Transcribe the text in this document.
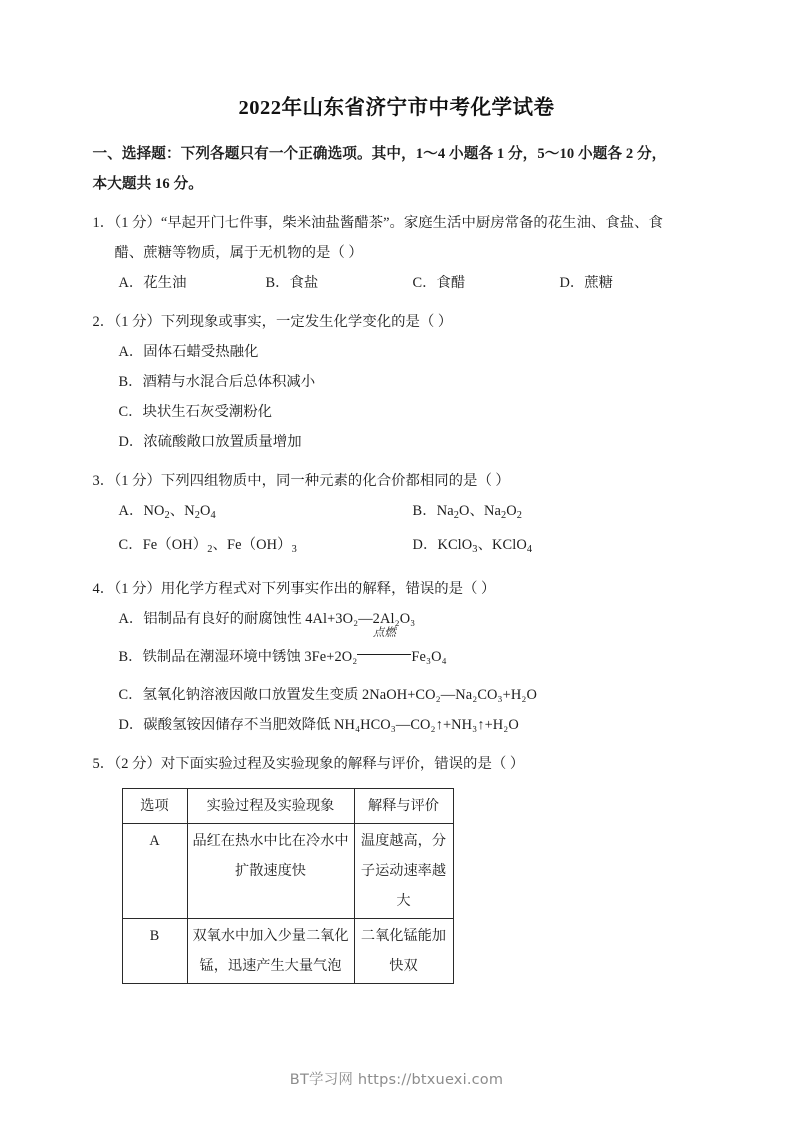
2022年山东省济宁市中考化学试卷
一、选择题：下列各题只有一个正确选项。其中，1～4 小题各 1 分，5～10 小题各 2 分，
本大题共 16 分。
1．（1 分）“早起开门七件事，柴米油盐酱醋茶”。家庭生活中厨房常备的花生油、食盐、食
醋、蔗糖等物质，属于无机物的是（ ）
A．花生油	B．食盐	C．食醋	D．蔗糖
2．（1 分）下列现象或事实，一定发生化学变化的是（ ）
A．固体石蜡受热融化
B．酒精与水混合后总体积减小
C．块状生石灰受潮粉化
D．浓硫酸敞口放置质量增加
3．（1 分）下列四组物质中，同一种元素的化合价都相同的是（ ）
A．$NO_2$、$N_2O_4$	B．$Na_2O$、$Na_2O_2$
C．$Fe(OH)_2$、$Fe(OH)_3$	D．KClO$_3$、KClO$_4$
4．（1 分）用化学方程式对下列事实作出的解释，错误的是（ ）
A．铝制品有良好的耐腐蚀性 4Al+3O₂—2Al₂O₃
B．铁制品在潮湿环境中锈蚀 3Fe+2O₂
点燃
Fe₃O₄
C．氢氧化钠溶液因敞口放置发生变质 2NaOH+CO₂—Na₂CO₃+H₂O
D．碳酸氢铵因储存不当肥效降低 NH₄HCO₃—CO₂↑+NH₃↑+H₂O
5．（2 分）对下面实验过程及实验现象的解释与评价，错误的是（ ）
选项	实验过程及实验现象	解释与评价
A	品红在热水中比在冷水中扩散速度快	温度越高，分子运动速率越大
B	双氧水中加入少量二氧化锰，迅速产生大量气泡	二氧化锰能加快双
BT学习网 https://btxuexi.com
